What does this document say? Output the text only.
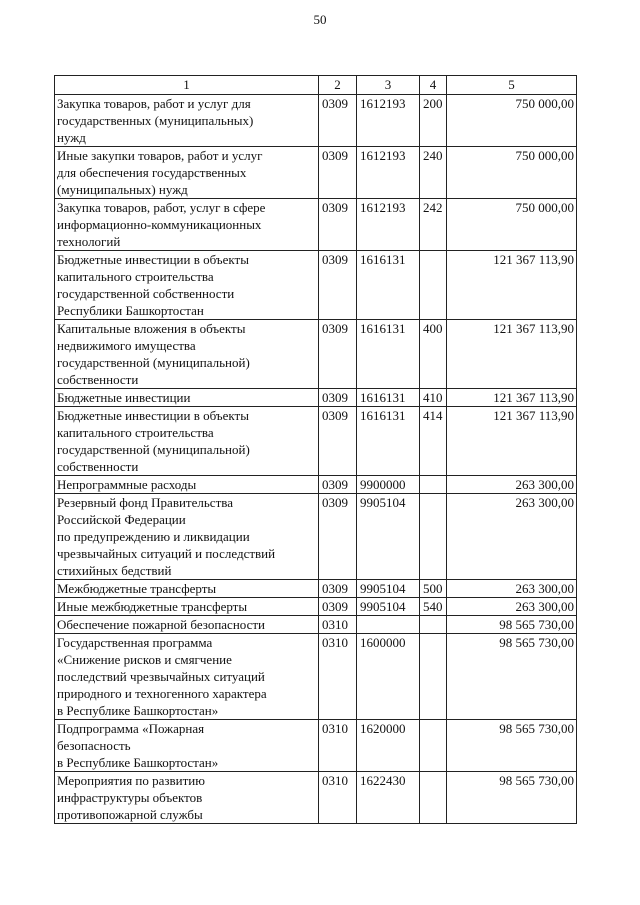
50
1	2	3	4	5
Закупка товаров, работ и услуг для
государственных (муниципальных)
нужд	0309	1612193	200	750 000,00
Иные закупки товаров, работ и услуг
для обеспечения государственных
(муниципальных) нужд	0309	1612193	240	750 000,00
Закупка товаров, работ, услуг в сфере
информационно-коммуникационных
технологий	0309	1612193	242	750 000,00
Бюджетные инвестиции в объекты
капитального строительства
государственной собственности
Республики Башкортостан	0309	1616131		121 367 113,90
Капитальные вложения в объекты
недвижимого имущества
государственной (муниципальной)
собственности	0309	1616131	400	121 367 113,90
Бюджетные инвестиции	0309	1616131	410	121 367 113,90
Бюджетные инвестиции в объекты
капитального строительства
государственной (муниципальной)
собственности	0309	1616131	414	121 367 113,90
Непрограммные расходы	0309	9900000		263 300,00
Резервный фонд Правительства
Российской Федерации
по предупреждению и ликвидации
чрезвычайных ситуаций и последствий
стихийных бедствий	0309	9905104		263 300,00
Межбюджетные трансферты	0309	9905104	500	263 300,00
Иные межбюджетные трансферты	0309	9905104	540	263 300,00
Обеспечение пожарной безопасности	0310			98 565 730,00
Государственная программа
«Снижение рисков и смягчение
последствий чрезвычайных ситуаций
природного и техногенного характера
в Республике Башкортостан»	0310	1600000		98 565 730,00
Подпрограмма «Пожарная
безопасность
в Республике Башкортостан»	0310	1620000		98 565 730,00
Мероприятия по развитию
инфраструктуры объектов
противопожарной службы	0310	1622430		98 565 730,00
